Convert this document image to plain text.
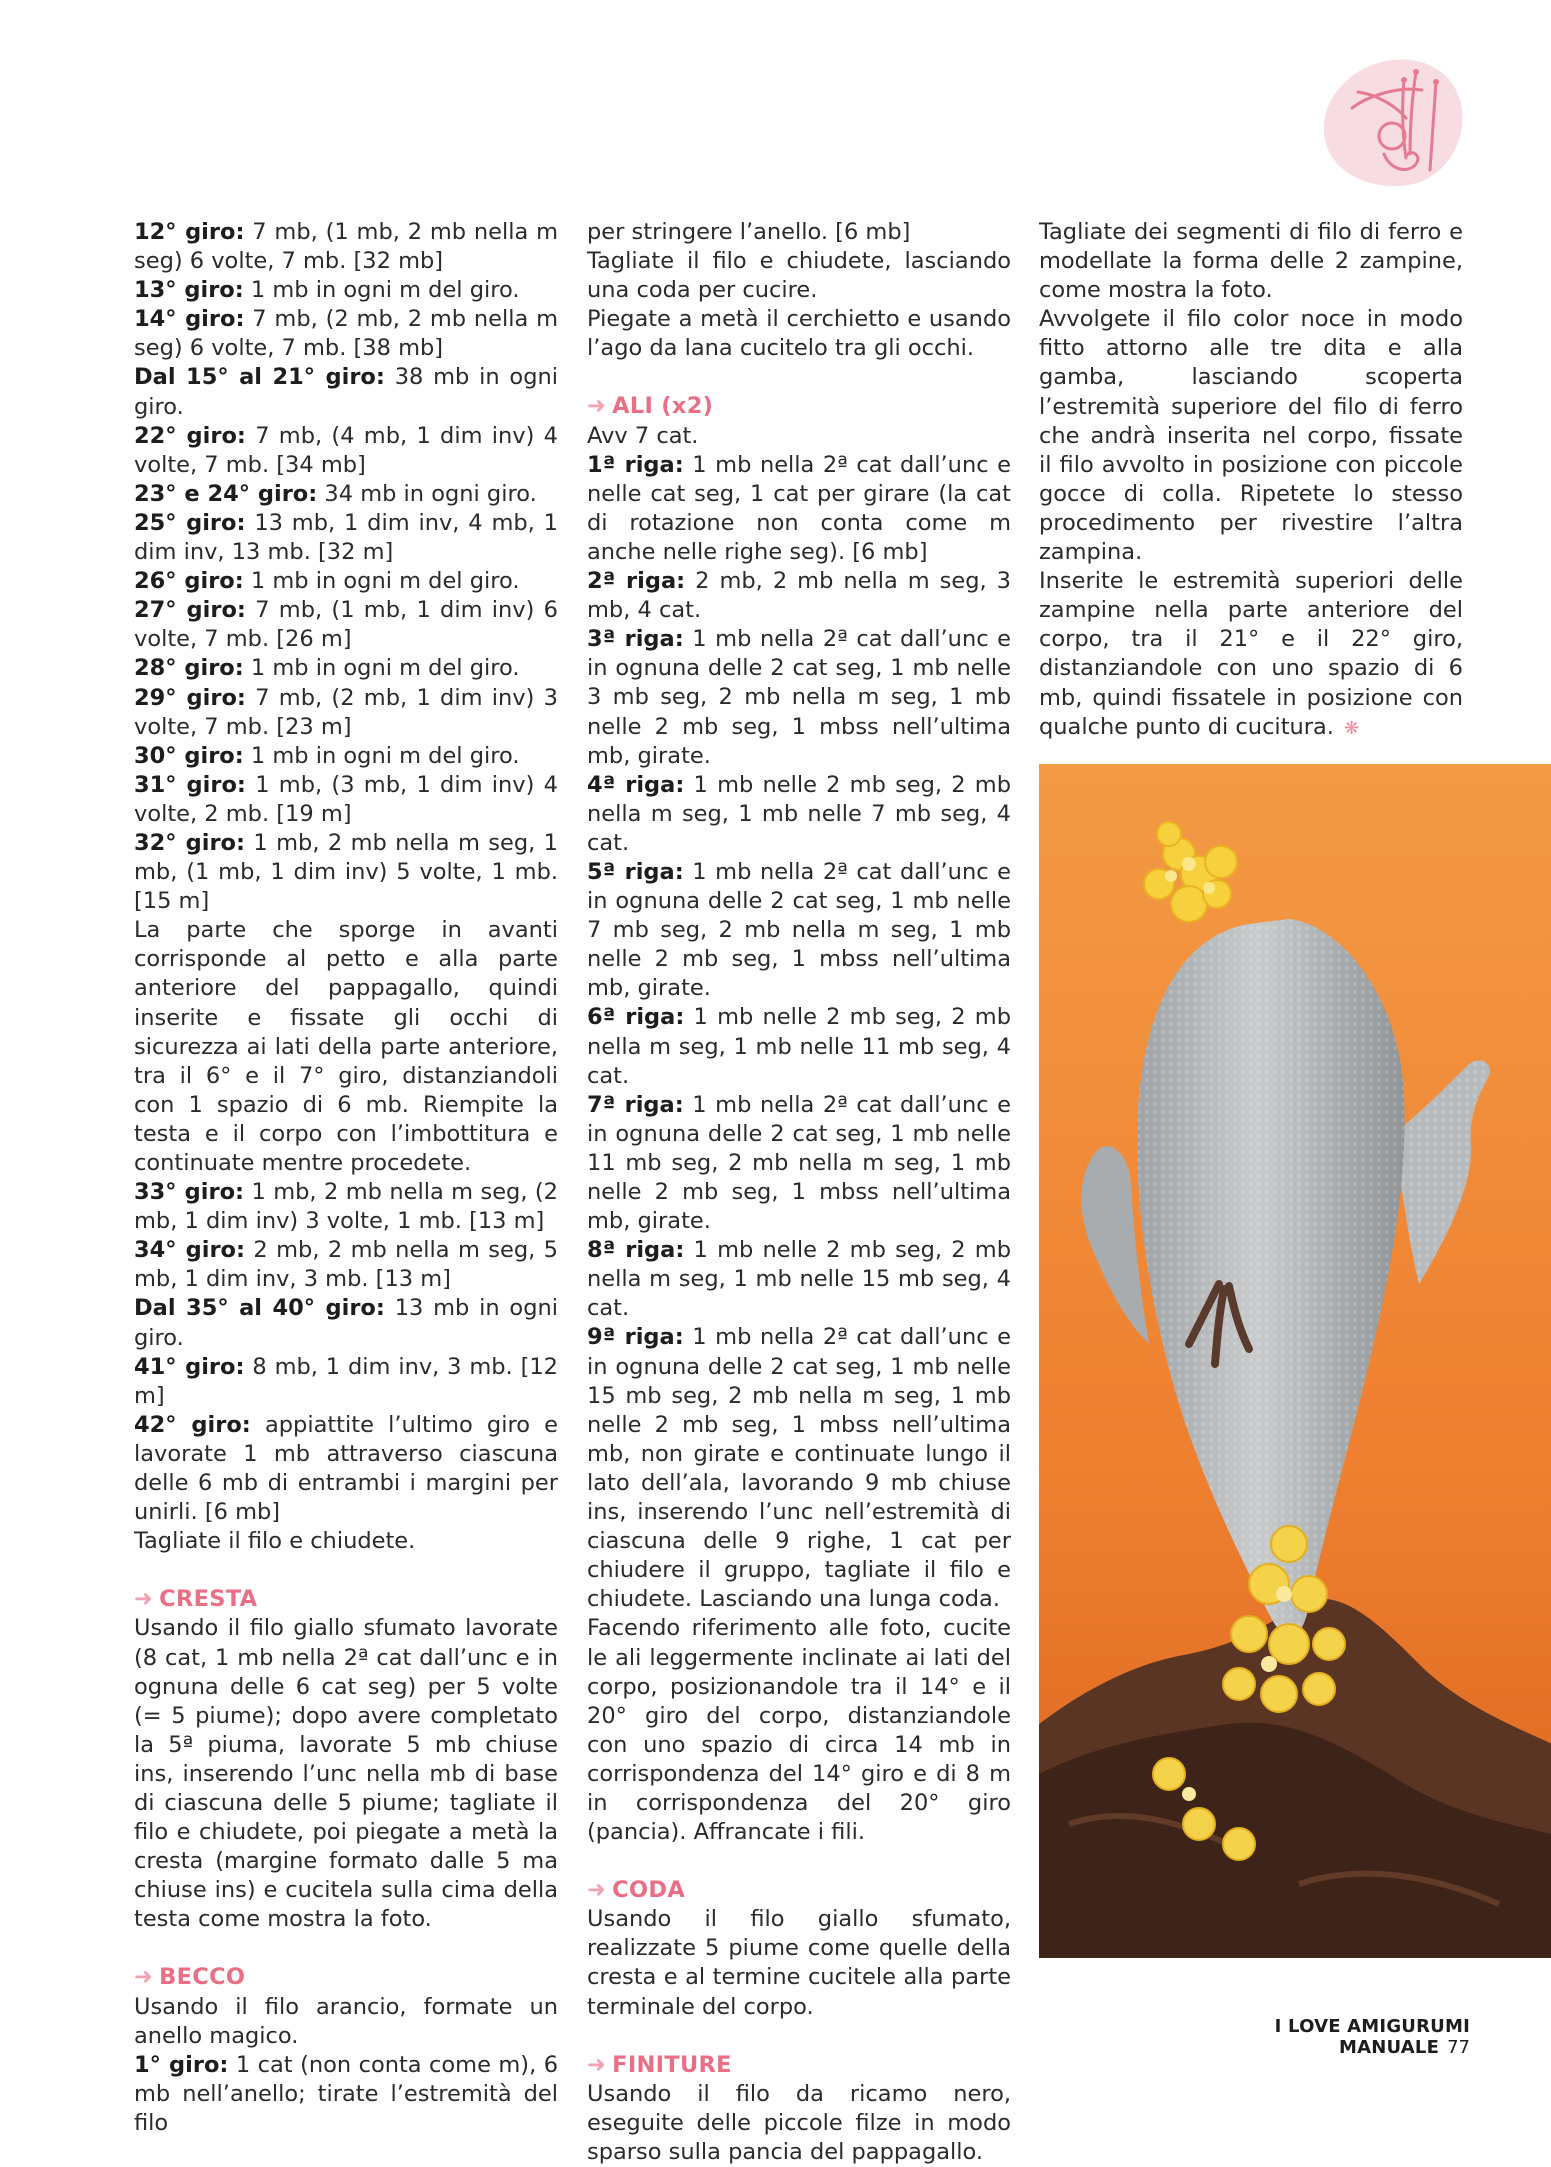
12° giro: 7 mb, (1 mb, 2 mb nella m seg) 6 volte, 7 mb. [32 mb]

13° giro: 1 mb in ogni m del giro.

14° giro: 7 mb, (2 mb, 2 mb nella m seg) 6 volte, 7 mb. [38 mb]

Dal 15° al 21° giro: 38 mb in ogni giro.

22° giro: 7 mb, (4 mb, 1 dim inv) 4 volte, 7 mb. [34 mb]

23° e 24° giro: 34 mb in ogni giro.

25° giro: 13 mb, 1 dim inv, 4 mb, 1 dim inv, 13 mb. [32 m]

26° giro: 1 mb in ogni m del giro.

27° giro: 7 mb, (1 mb, 1 dim inv) 6 volte, 7 mb. [26 m]

28° giro: 1 mb in ogni m del giro.

29° giro: 7 mb, (2 mb, 1 dim inv) 3 volte, 7 mb. [23 m]

30° giro: 1 mb in ogni m del giro.

31° giro: 1 mb, (3 mb, 1 dim inv) 4 volte, 2 mb. [19 m]

32° giro: 1 mb, 2 mb nella m seg, 1 mb, (1 mb, 1 dim inv) 5 volte, 1 mb. [15 m]

La parte che sporge in avanti corrisponde al petto e alla parte anteriore del pappagallo, quindi inserite e fissate gli occhi di sicurezza ai lati della parte anteriore, tra il 6° e il 7° giro, distanziandoli con 1 spazio di 6 mb. Riempite la testa e il corpo con l’imbottitura e continuate mentre procedete.

33° giro: 1 mb, 2 mb nella m seg, (2 mb, 1 dim inv) 3 volte, 1 mb. [13 m]

34° giro: 2 mb, 2 mb nella m seg, 5 mb, 1 dim inv, 3 mb. [13 m]

Dal 35° al 40° giro: 13 mb in ogni giro.

41° giro: 8 mb, 1 dim inv, 3 mb. [12 m]

42° giro: appiattite l’ultimo giro e lavorate 1 mb attraverso ciascuna delle 6 mb di entrambi i margini per unirli. [6 mb]

Tagliate il filo e chiudete.

➜ CRESTA

Usando il filo giallo sfumato lavorate (8 cat, 1 mb nella 2ª cat dall’unc e in ognuna delle 6 cat seg) per 5 volte (= 5 piume); dopo avere completato la 5ª piuma, lavorate 5 mb chiuse ins, inserendo l’unc nella mb di base di ciascuna delle 5 piume; tagliate il filo e chiudete, poi piegate a metà la cresta (margine formato dalle 5 ma chiuse ins) e cucitela sulla cima della testa come mostra la foto.

➜ BECCO

Usando il filo arancio, formate un anello magico.

1° giro: 1 cat (non conta come m), 6 mb nell’anello; tirate l’estremità del filo

per stringere l’anello. [6 mb]

Tagliate il filo e chiudete, lasciando una coda per cucire.

Piegate a metà il cerchietto e usando l’ago da lana cucitelo tra gli occhi.

➜ ALI (x2)

Avv 7 cat.

1ª riga: 1 mb nella 2ª cat dall’unc e nelle cat seg, 1 cat per girare (la cat di rotazione non conta come m anche nelle righe seg). [6 mb]

2ª riga: 2 mb, 2 mb nella m seg, 3 mb, 4 cat.

3ª riga: 1 mb nella 2ª cat dall’unc e in ognuna delle 2 cat seg, 1 mb nelle 3 mb seg, 2 mb nella m seg, 1 mb nelle 2 mb seg, 1 mbss nell’ultima mb, girate.

4ª riga: 1 mb nelle 2 mb seg, 2 mb nella m seg, 1 mb nelle 7 mb seg, 4 cat.

5ª riga: 1 mb nella 2ª cat dall’unc e in ognuna delle 2 cat seg, 1 mb nelle 7 mb seg, 2 mb nella m seg, 1 mb nelle 2 mb seg, 1 mbss nell’ultima mb, girate.

6ª riga: 1 mb nelle 2 mb seg, 2 mb nella m seg, 1 mb nelle 11 mb seg, 4 cat.

7ª riga: 1 mb nella 2ª cat dall’unc e in ognuna delle 2 cat seg, 1 mb nelle 11 mb seg, 2 mb nella m seg, 1 mb nelle 2 mb seg, 1 mbss nell’ultima mb, girate.

8ª riga: 1 mb nelle 2 mb seg, 2 mb nella m seg, 1 mb nelle 15 mb seg, 4 cat.

9ª riga: 1 mb nella 2ª cat dall’unc e in ognuna delle 2 cat seg, 1 mb nelle 15 mb seg, 2 mb nella m seg, 1 mb nelle 2 mb seg, 1 mbss nell’ultima mb, non girate e continuate lungo il lato dell’ala, lavorando 9 mb chiuse ins, inserendo l’unc nell’estremità di ciascuna delle 9 righe, 1 cat per chiudere il gruppo, tagliate il filo e chiudete. Lasciando una lunga coda.

Facendo riferimento alle foto, cucite le ali leggermente inclinate ai lati del corpo, posizionandole tra il 14° e il 20° giro del corpo, distanziandole con uno spazio di circa 14 mb in corrispondenza del 14° giro e di 8 m in corrispondenza del 20° giro (pancia). Affrancate i fili.

➜ CODA

Usando il filo giallo sfumato, realizzate 5 piume come quelle della cresta e al termine cucitele alla parte terminale del corpo.

➜ FINITURE

Usando il filo da ricamo nero, eseguite delle piccole filze in modo sparso sulla pancia del pappagallo.

Tagliate dei segmenti di filo di ferro e modellate la forma delle 2 zampine, come mostra la foto.

Avvolgete il filo color noce in modo fitto attorno alle tre dita e alla gamba, lasciando scoperta l’estremità superiore del filo di ferro che andrà inserita nel corpo, fissate il filo avvolto in posizione con piccole gocce di colla. Ripetete lo stesso procedimento per rivestire l’altra zampina.

Inserite le estremità superiori delle zampine nella parte anteriore del corpo, tra il 21° e il 22° giro, distanziandole con uno spazio di 6 mb, quindi fissatele in posizione con qualche punto di cucitura. ❋

I LOVE AMIGURUMI MANUALE 77
